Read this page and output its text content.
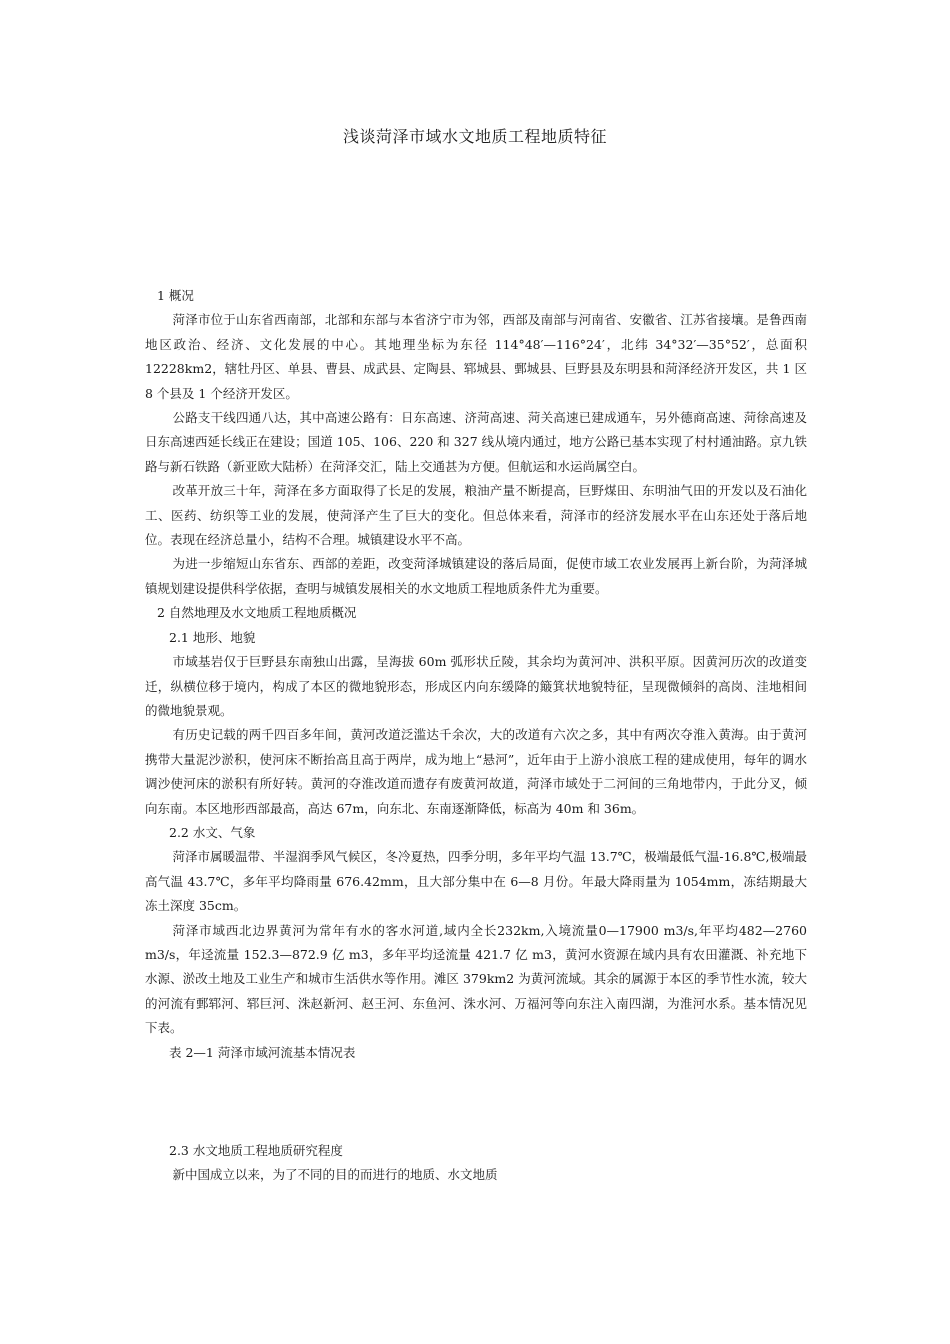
浅谈菏泽市域水文地质工程地质特征

1 概况

菏泽市位于山东省西南部，北部和东部与本省济宁市为邻，西部及南部与河南省、安徽省、江苏省接壤。是鲁西南地区政治、经济、文化发展的中心。其地理坐标为东径 114°48′—116°24′，北纬 34°32′—35°52′，总面积 12228km2，辖牡丹区、单县、曹县、成武县、定陶县、郓城县、鄄城县、巨野县及东明县和菏泽经济开发区，共 1 区 8 个县及 1 个经济开发区。

公路支干线四通八达，其中高速公路有：日东高速、济菏高速、菏关高速已建成通车，另外德商高速、菏徐高速及日东高速西延长线正在建设；国道 105、106、220 和 327 线从境内通过，地方公路已基本实现了村村通油路。京九铁路与新石铁路（新亚欧大陆桥）在菏泽交汇，陆上交通甚为方便。但航运和水运尚属空白。

改革开放三十年，菏泽在多方面取得了长足的发展，粮油产量不断提高，巨野煤田、东明油气田的开发以及石油化工、医药、纺织等工业的发展，使菏泽产生了巨大的变化。但总体来看，菏泽市的经济发展水平在山东还处于落后地位。表现在经济总量小，结构不合理。城镇建设水平不高。

为进一步缩短山东省东、西部的差距，改变菏泽城镇建设的落后局面，促使市域工农业发展再上新台阶，为菏泽城镇规划建设提供科学依据，查明与城镇发展相关的水文地质工程地质条件尤为重要。

2 自然地理及水文地质工程地质概况

2.1 地形、地貌

市域基岩仅于巨野县东南独山出露，呈海拔 60m 弧形状丘陵，其余均为黄河冲、洪积平原。因黄河历次的改道变迁，纵横位移于境内，构成了本区的微地貌形态，形成区内向东缓降的簸箕状地貌特征，呈现微倾斜的高岗、洼地相间的微地貌景观。

有历史记载的两千四百多年间，黄河改道泛滥达千余次，大的改道有六次之多，其中有两次夺淮入黄海。由于黄河携带大量泥沙淤积，使河床不断抬高且高于两岸，成为地上“悬河”，近年由于上游小浪底工程的建成使用，每年的调水调沙使河床的淤积有所好转。黄河的夺淮改道而遗存有废黄河故道，菏泽市域处于二河间的三角地带内，于此分叉，倾向东南。本区地形西部最高，高达 67m，向东北、东南逐渐降低，标高为 40m 和 36m。

2.2 水文、气象

菏泽市属暖温带、半湿润季风气候区，冬冷夏热，四季分明，多年平均气温 13.7℃，极端最低气温-16.8℃,极端最高气温 43.7℃，多年平均降雨量 676.42mm，且大部分集中在 6—8 月份。年最大降雨量为 1054mm，冻结期最大冻土深度 35cm。

菏泽市域西北边界黄河为常年有水的客水河道,域内全长232km,入境流量0—17900 m3/s,年平均482—2760 m3/s，年迳流量 152.3—872.9 亿 m3，多年平均迳流量 421.7 亿 m3，黄河水资源在域内具有农田灌溉、补充地下水源、淤改土地及工业生产和城市生活供水等作用。滩区 379km2 为黄河流域。其余的属源于本区的季节性水流，较大的河流有鄄郓河、郓巨河、洙赵新河、赵王河、东鱼河、洙水河、万福河等向东注入南四湖，为淮河水系。基本情况见下表。

表 2—1 菏泽市域河流基本情况表

2.3 水文地质工程地质研究程度

新中国成立以来，为了不同的目的而进行的地质、水文地质
